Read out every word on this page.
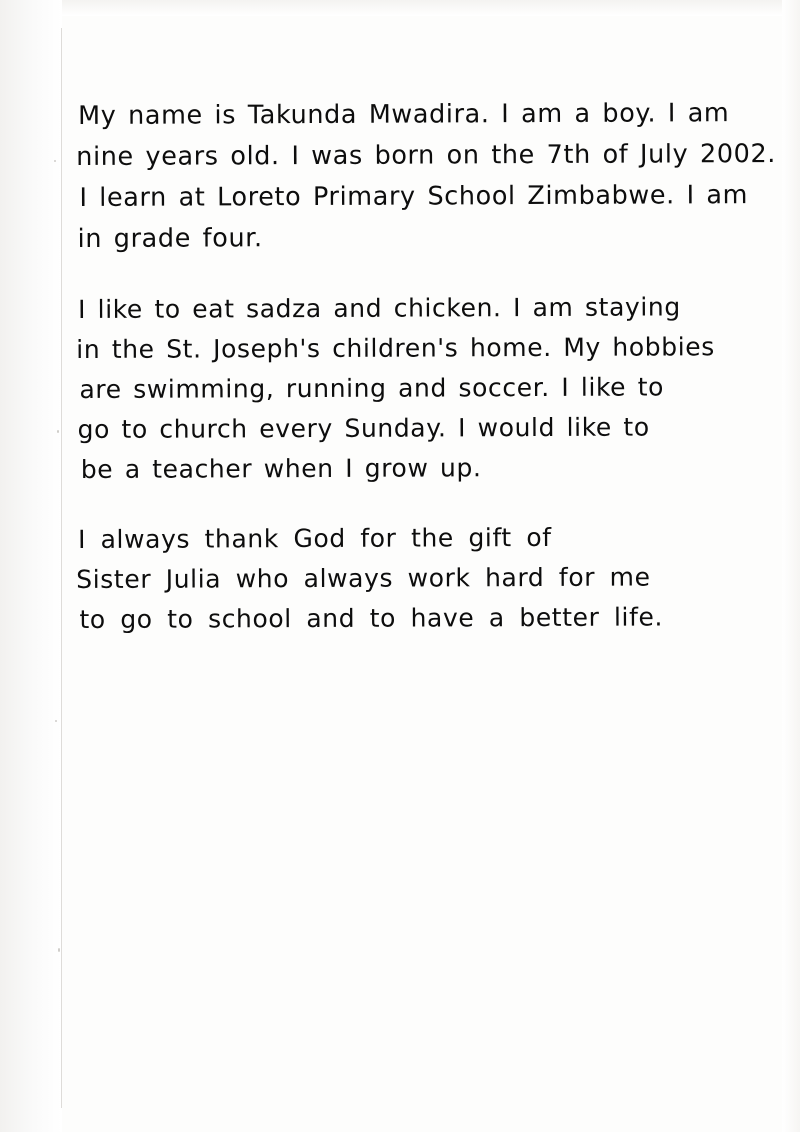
My name is Takunda Mwadira. I am a boy. I am
nine years old. I was born on the 7th of July 2002.
I learn at Loreto Primary School Zimbabwe. I am
in grade four.

I like to eat sadza and chicken. I am staying
in the St. Joseph's children's home. My hobbies
are swimming, running and soccer. I like to
go to church every Sunday. I would like to
be a teacher when I grow up.

I always thank God for the gift of
Sister Julia who always work hard for me
to go to school and to have a better life.
